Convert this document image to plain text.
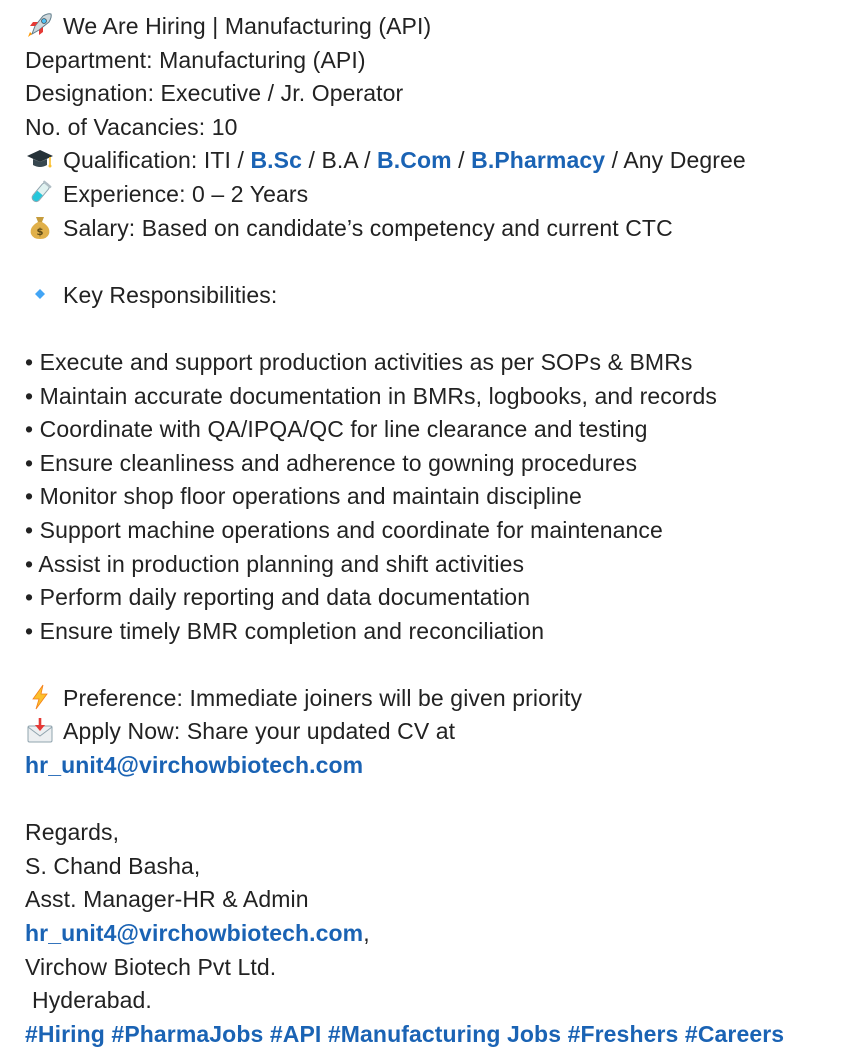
We Are Hiring | Manufacturing (API)
Department: Manufacturing (API)
Designation: Executive / Jr. Operator
No. of Vacancies: 10
Qualification: ITI / B.Sc / B.A / B.Com / B.Pharmacy / Any Degree
Experience: 0 – 2 Years
$ Salary: Based on candidate’s competency and current CTC
Key Responsibilities:
• Execute and support production activities as per SOPs & BMRs
• Maintain accurate documentation in BMRs, logbooks, and records
• Coordinate with QA/IPQA/QC for line clearance and testing
• Ensure cleanliness and adherence to gowning procedures
• Monitor shop floor operations and maintain discipline
• Support machine operations and coordinate for maintenance
• Assist in production planning and shift activities
• Perform daily reporting and data documentation
• Ensure timely BMR completion and reconciliation
Preference: Immediate joiners will be given priority
Apply Now: Share your updated CV at
hr_unit4@virchowbiotech.com
Regards,
S. Chand Basha,
Asst. Manager-HR & Admin
hr_unit4@virchowbiotech.com,
Virchow Biotech Pvt Ltd.
Hyderabad.
#Hiring #PharmaJobs #API #Manufacturing Jobs #Freshers #Careers
